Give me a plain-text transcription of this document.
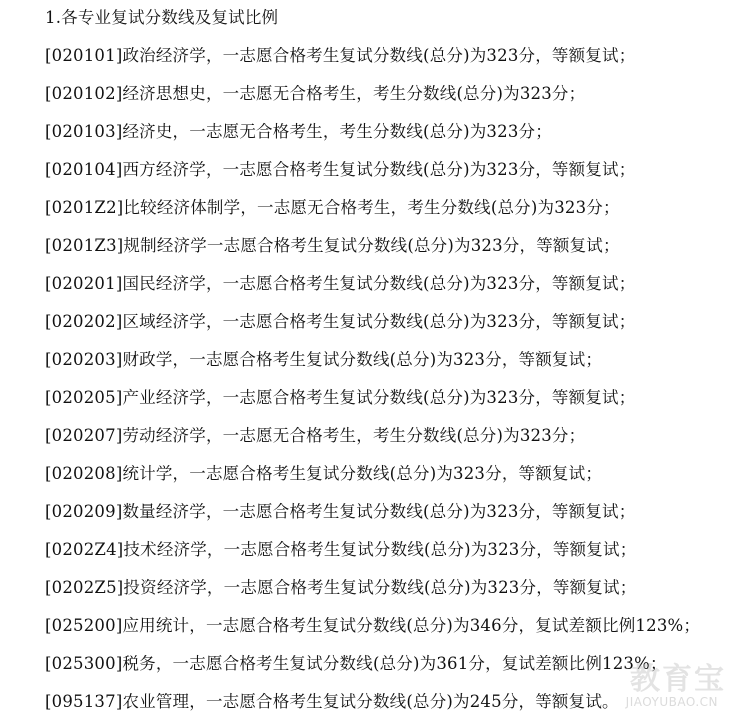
1.各专业复试分数线及复试比例
[020101]政治经济学，一志愿合格考生复试分数线(总分)为323分，等额复试；
[020102]经济思想史，一志愿无合格考生，考生分数线(总分)为323分；
[020103]经济史，一志愿无合格考生，考生分数线(总分)为323分；
[020104]西方经济学，一志愿合格考生复试分数线(总分)为323分，等额复试；
[0201Z2]比较经济体制学，一志愿无合格考生，考生分数线(总分)为323分；
[0201Z3]规制经济学一志愿合格考生复试分数线(总分)为323分，等额复试；
[020201]国民经济学，一志愿合格考生复试分数线(总分)为323分，等额复试；
[020202]区域经济学，一志愿合格考生复试分数线(总分)为323分，等额复试；
[020203]财政学，一志愿合格考生复试分数线(总分)为323分，等额复试；
[020205]产业经济学，一志愿合格考生复试分数线(总分)为323分，等额复试；
[020207]劳动经济学，一志愿无合格考生，考生分数线(总分)为323分；
[020208]统计学，一志愿合格考生复试分数线(总分)为323分，等额复试；
[020209]数量经济学，一志愿合格考生复试分数线(总分)为323分，等额复试；
[0202Z4]技术经济学，一志愿合格考生复试分数线(总分)为323分，等额复试；
[0202Z5]投资经济学，一志愿合格考生复试分数线(总分)为323分，等额复试；
[025200]应用统计，一志愿合格考生复试分数线(总分)为346分，复试差额比例123%；
[025300]税务，一志愿合格考生复试分数线(总分)为361分，复试差额比例123%；
[095137]农业管理，一志愿合格考生复试分数线(总分)为245分，等额复试。
教育宝
JIAOYUBAO.CN
